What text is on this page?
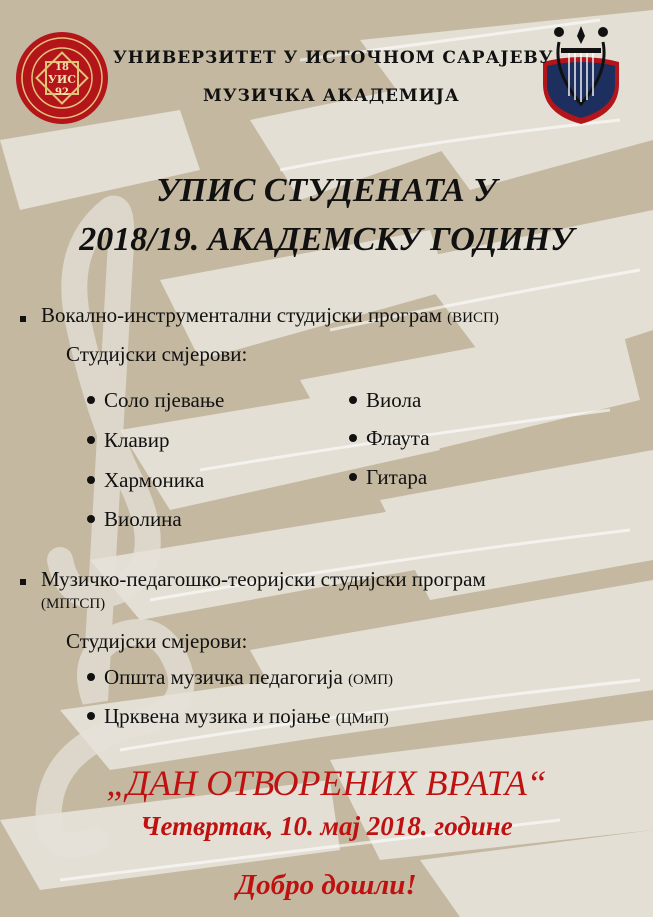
18
УИС
92
УНИВЕРЗИТЕТ У ИСТОЧНОМ САРАЈЕВУ
МУЗИЧКА АКАДЕМИЈА
УПИС СТУДЕНАТА У
2018/19. АКАДЕМСКУ ГОДИНУ
Вокално-инструментални студијски програм (ВИСП)
Студијски смјерови:
Соло пјевање
Клавир
Хармоника
Виолина
Виола
Флаута
Гитара
Музичко-педагошко-теоријски студијски програм
(МПТСП)
Студијски смјерови:
Општа музичка педагогија (ОМП)
Црквена музика и појање (ЦМиП)
„ДАН ОТВОРЕНИХ ВРАТА“
Четвртак, 10. мај 2018. године
Добро дошли!
